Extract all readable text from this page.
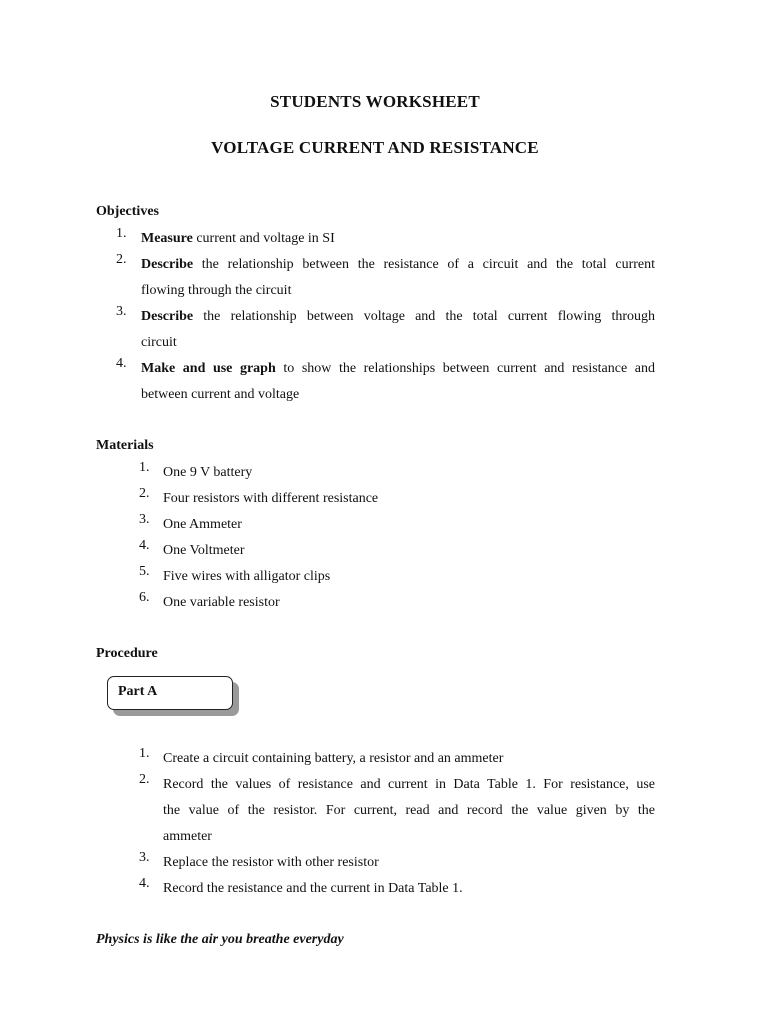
STUDENTS WORKSHEET
VOLTAGE CURRENT AND RESISTANCE
Objectives
1.	Measure current and voltage in SI
2.	Describe the relationship between the resistance of a circuit and the total current
flowing through the circuit
3.	Describe the relationship between voltage and the total current flowing through
circuit
4.	Make and use graph to show the relationships between current and resistance and
between current and voltage
Materials
1. One 9 V battery
2. Four resistors with different resistance
3. One Ammeter
4. One Voltmeter
5. Five wires with alligator clips
6. One variable resistor
Procedure
Part A
1. Create a circuit containing battery, a resistor and an ammeter
2. Record the values of resistance and current in Data Table 1. For resistance, use
the value of the resistor. For current, read and record the value given by the
ammeter
3. Replace the resistor with other resistor
4. Record the resistance and the current in Data Table 1.
Physics is like the air you breathe everyday
